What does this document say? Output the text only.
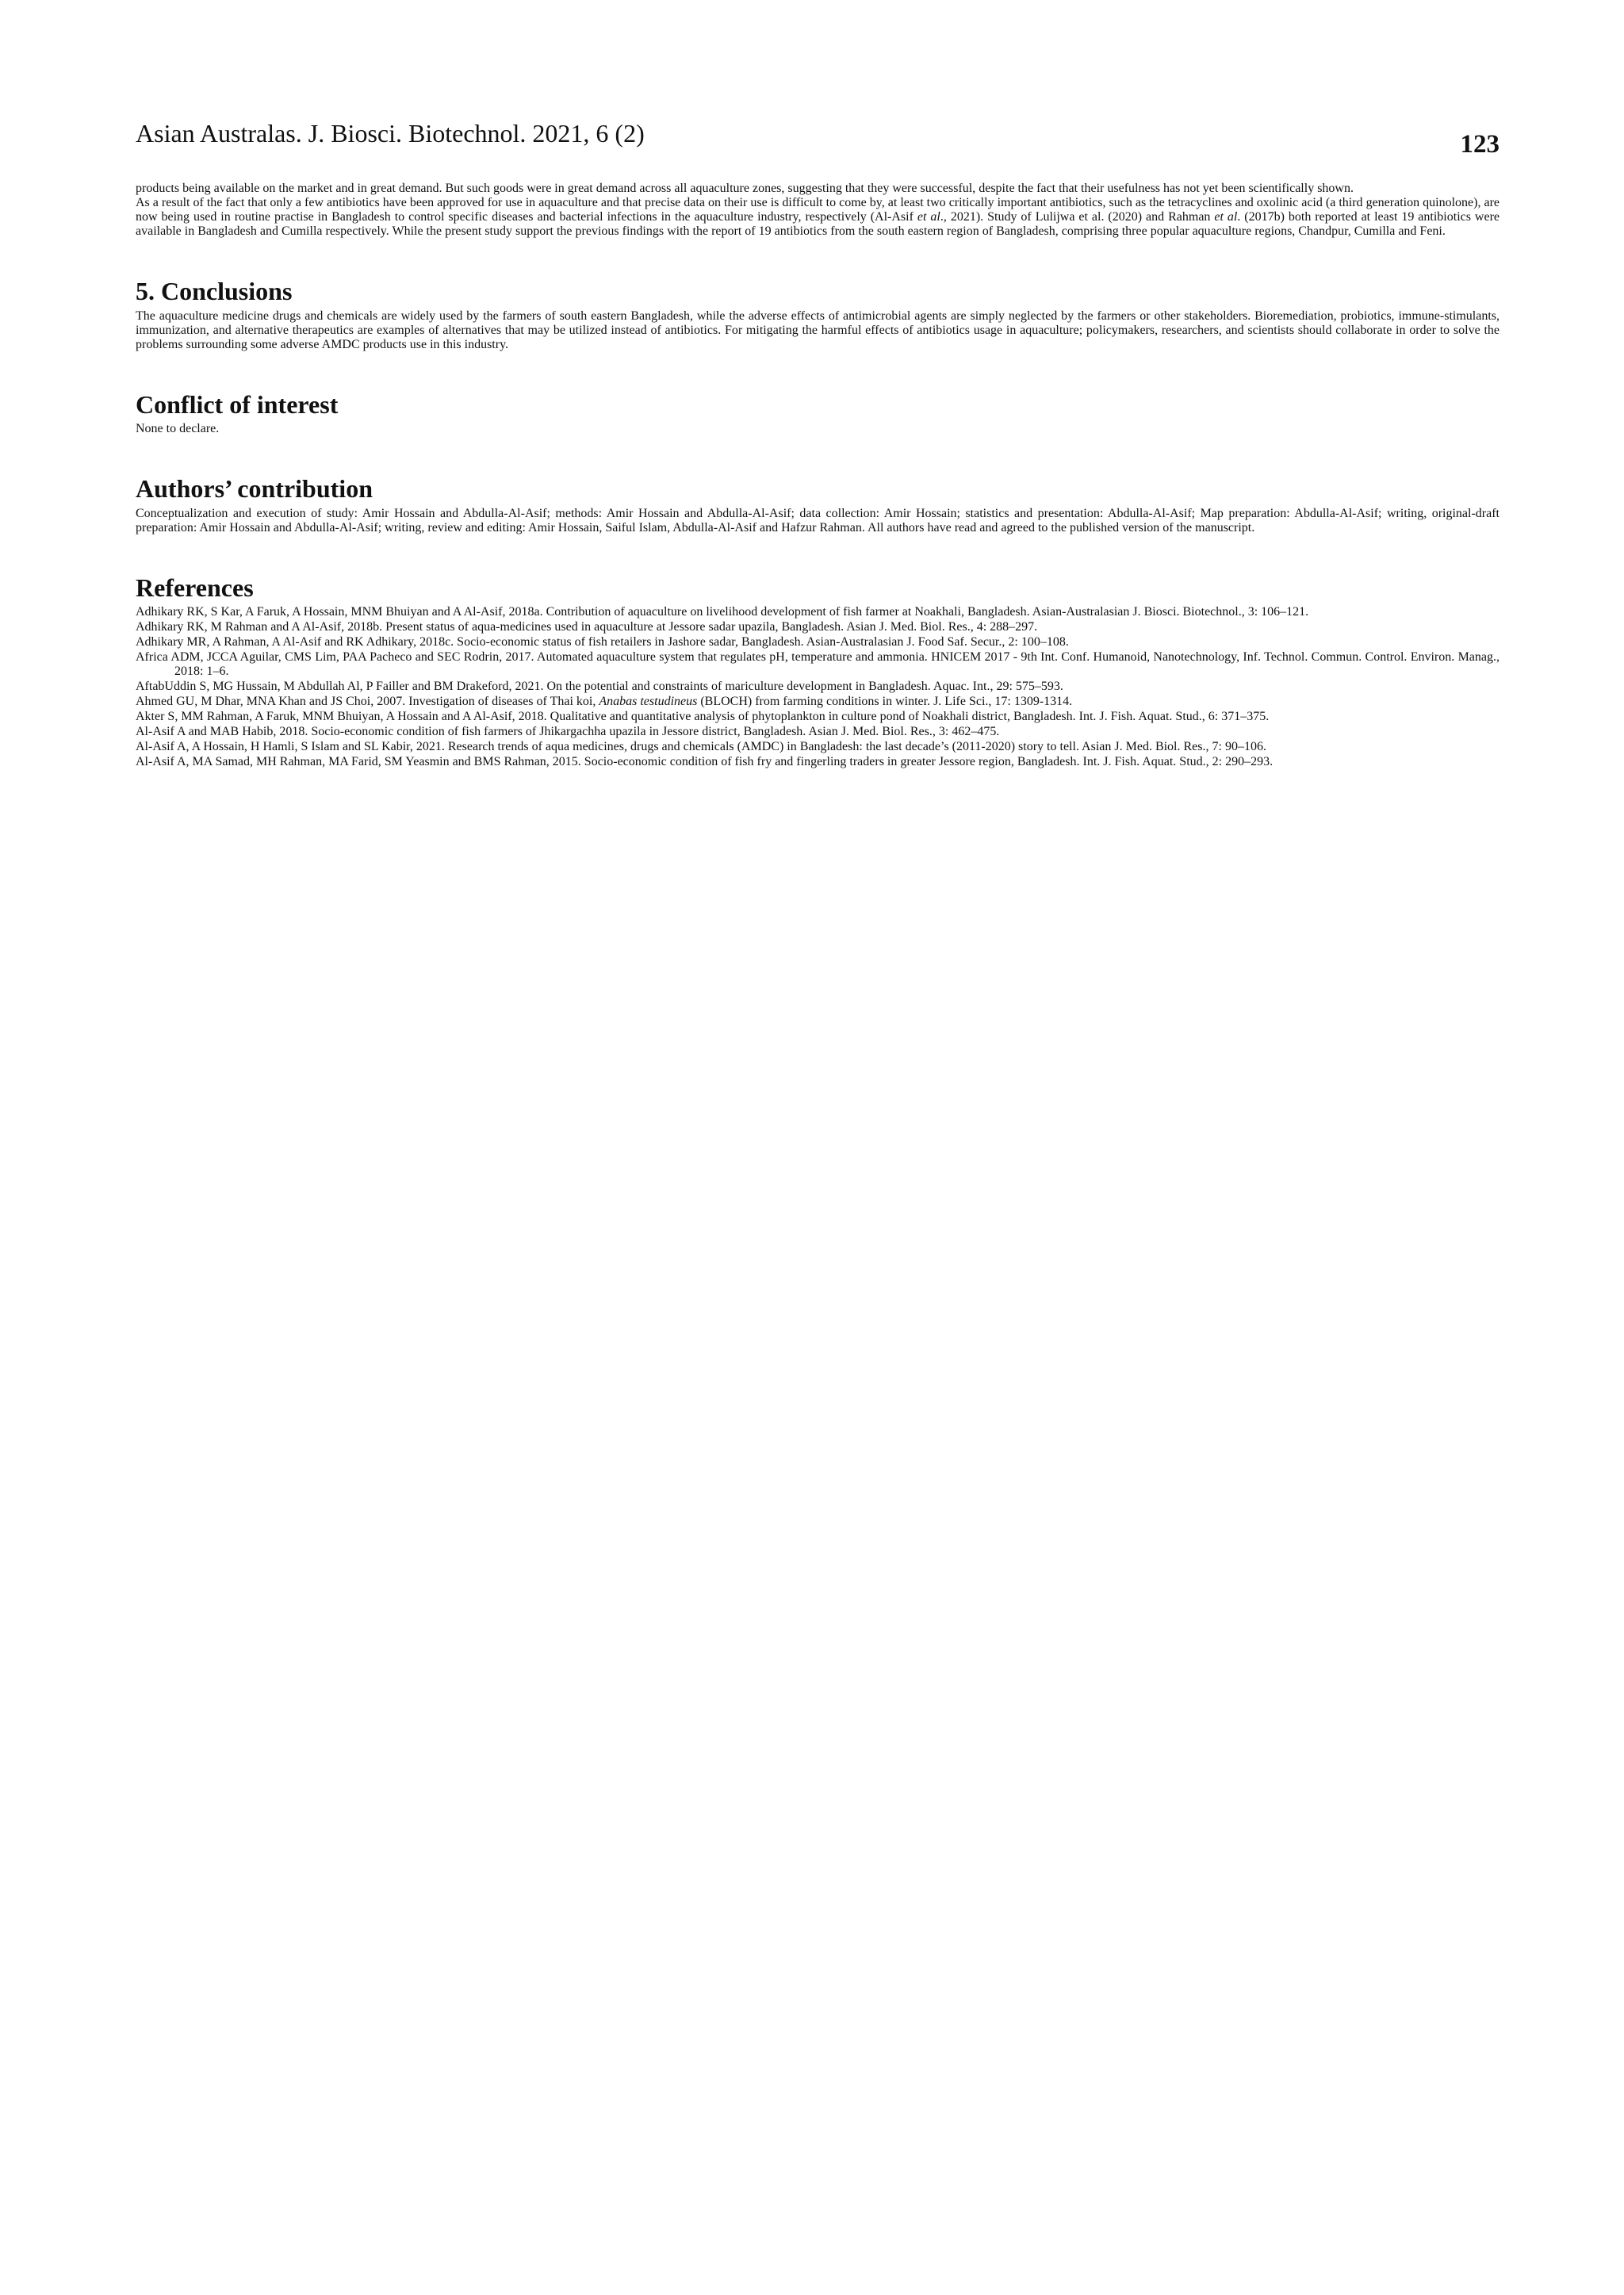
Asian Australas. J. Biosci. Biotechnol. 2021, 6 (2)	123

products being available on the market and in great demand. But such goods were in great demand across all aquaculture zones, suggesting that they were successful, despite the fact that their usefulness has not yet been scientifically shown.

As a result of the fact that only a few antibiotics have been approved for use in aquaculture and that precise data on their use is difficult to come by, at least two critically important antibiotics, such as the tetracyclines and oxolinic acid (a third generation quinolone), are now being used in routine practise in Bangladesh to control specific diseases and bacterial infections in the aquaculture industry, respectively (Al-Asif et al., 2021). Study of Lulijwa et al. (2020) and Rahman et al. (2017b) both reported at least 19 antibiotics were available in Bangladesh and Cumilla respectively. While the present study support the previous findings with the report of 19 antibiotics from the south eastern region of Bangladesh, comprising three popular aquaculture regions, Chandpur, Cumilla and Feni.

5. Conclusions

The aquaculture medicine drugs and chemicals are widely used by the farmers of south eastern Bangladesh, while the adverse effects of antimicrobial agents are simply neglected by the farmers or other stakeholders. Bioremediation, probiotics, immune-stimulants, immunization, and alternative therapeutics are examples of alternatives that may be utilized instead of antibiotics. For mitigating the harmful effects of antibiotics usage in aquaculture; policymakers, researchers, and scientists should collaborate in order to solve the problems surrounding some adverse AMDC products use in this industry.

Conflict of interest

None to declare.

Authors’ contribution

Conceptualization and execution of study: Amir Hossain and Abdulla-Al-Asif; methods: Amir Hossain and Abdulla-Al-Asif; data collection: Amir Hossain; statistics and presentation: Abdulla-Al-Asif; Map preparation: Abdulla-Al-Asif; writing, original-draft preparation: Amir Hossain and Abdulla-Al-Asif; writing, review and editing: Amir Hossain, Saiful Islam, Abdulla-Al-Asif and Hafzur Rahman. All authors have read and agreed to the published version of the manuscript.

References
Adhikary RK, S Kar, A Faruk, A Hossain, MNM Bhuiyan and A Al-Asif, 2018a. Contribution of aquaculture on livelihood development of fish farmer at Noakhali, Bangladesh. Asian-Australasian J. Biosci. Biotechnol., 3: 106–121.
Adhikary RK, M Rahman and A Al-Asif, 2018b. Present status of aqua-medicines used in aquaculture at Jessore sadar upazila, Bangladesh. Asian J. Med. Biol. Res., 4: 288–297.
Adhikary MR, A Rahman, A Al-Asif and RK Adhikary, 2018c. Socio-economic status of fish retailers in Jashore sadar, Bangladesh. Asian-Australasian J. Food Saf. Secur., 2: 100–108.
Africa ADM, JCCA Aguilar, CMS Lim, PAA Pacheco and SEC Rodrin, 2017. Automated aquaculture system that regulates pH, temperature and ammonia. HNICEM 2017 - 9th Int. Conf. Humanoid, Nanotechnology, Inf. Technol. Commun. Control. Environ. Manag., 2018: 1–6.
AftabUddin S, MG Hussain, M Abdullah Al, P Failler and BM Drakeford, 2021. On the potential and constraints of mariculture development in Bangladesh. Aquac. Int., 29: 575–593.
Ahmed GU, M Dhar, MNA Khan and JS Choi, 2007. Investigation of diseases of Thai koi, Anabas testudineus (BLOCH) from farming conditions in winter. J. Life Sci., 17: 1309-1314.
Akter S, MM Rahman, A Faruk, MNM Bhuiyan, A Hossain and A Al-Asif, 2018. Qualitative and quantitative analysis of phytoplankton in culture pond of Noakhali district, Bangladesh. Int. J. Fish. Aquat. Stud., 6: 371–375.
Al-Asif A and MAB Habib, 2018. Socio-economic condition of fish farmers of Jhikargachha upazila in Jessore district, Bangladesh. Asian J. Med. Biol. Res., 3: 462–475.
Al-Asif A, A Hossain, H Hamli, S Islam and SL Kabir, 2021. Research trends of aqua medicines, drugs and chemicals (AMDC) in Bangladesh: the last decade’s (2011-2020) story to tell. Asian J. Med. Biol. Res., 7: 90–106.
Al-Asif A, MA Samad, MH Rahman, MA Farid, SM Yeasmin and BMS Rahman, 2015. Socio-economic condition of fish fry and fingerling traders in greater Jessore region, Bangladesh. Int. J. Fish. Aquat. Stud., 2: 290–293.
